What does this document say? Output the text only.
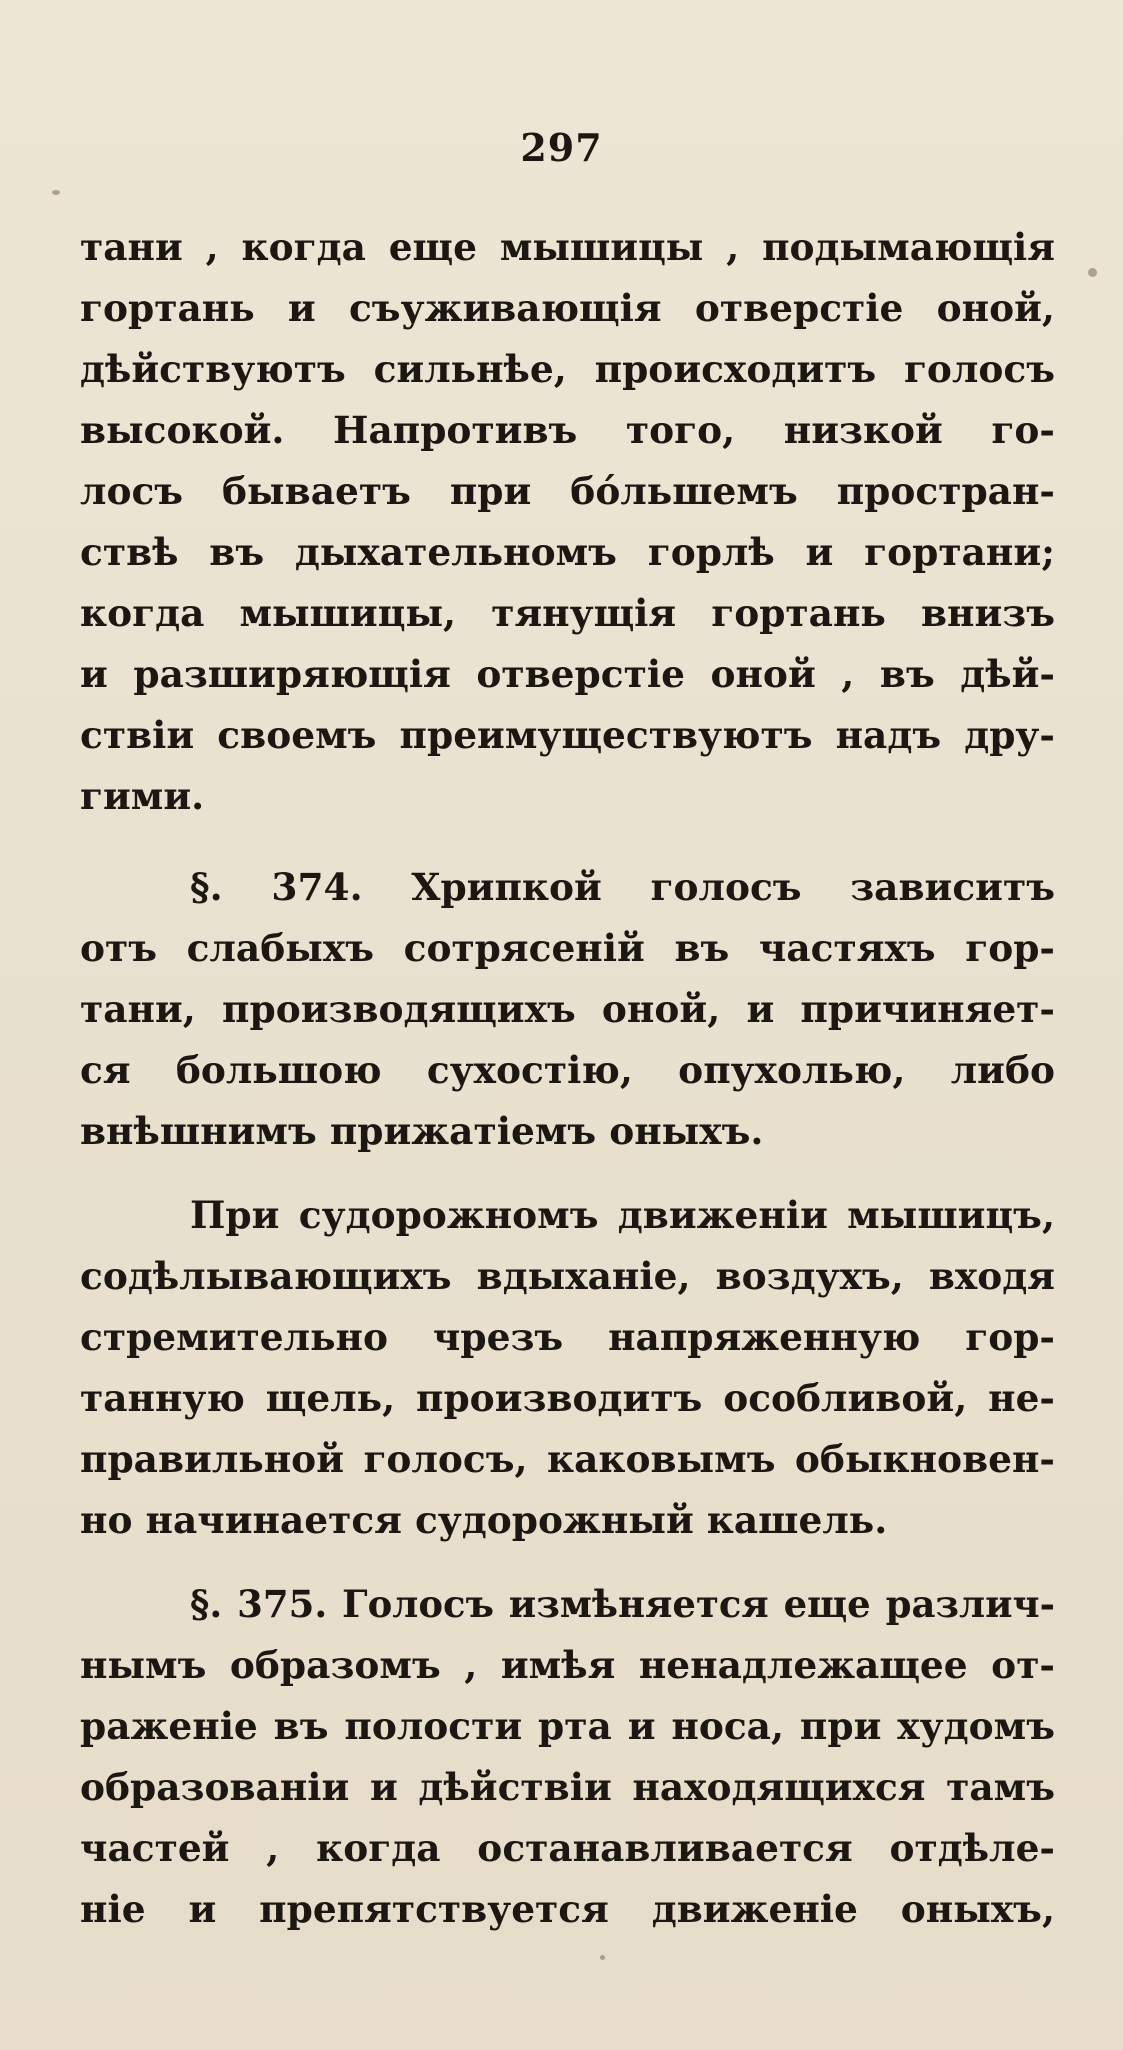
297
тани , когда еще мышицы , подымающія
гортань и съуживающія отверстіе оной,
дѣйствуютъ сильнѣе, происходитъ голосъ
высокой. Напротивъ того, низкой го-
лосъ бываетъ при бо́льшемъ простран-
ствѣ въ дыхательномъ горлѣ и гортани;
когда мышицы, тянущія гортань внизъ
и разширяющія отверстіе оной , въ дѣй-
ствіи своемъ преимуществуютъ надъ дру-
гими.
§. 374. Хрипкой голосъ зависитъ
отъ слабыхъ сотрясеній въ частяхъ гор-
тани, производящихъ оной, и причиняет-
ся большою сухостію, опухолью, либо
внѣшнимъ прижатіемъ оныхъ.
При судорожномъ движеніи мышицъ,
содѣлывающихъ вдыханіе, воздухъ, входя
стремительно чрезъ напряженную гор-
танную щель, производитъ особливой, не-
правильной голосъ, каковымъ обыкновен-
но начинается судорожный кашель.
§. 375. Голосъ измѣняется еще различ-
нымъ образомъ , имѣя ненадлежащее от-
раженіе въ полости рта и носа, при худомъ
образованіи и дѣйствіи находящихся тамъ
частей , когда останавливается отдѣле-
ніе и препятствуется движеніе оныхъ,
